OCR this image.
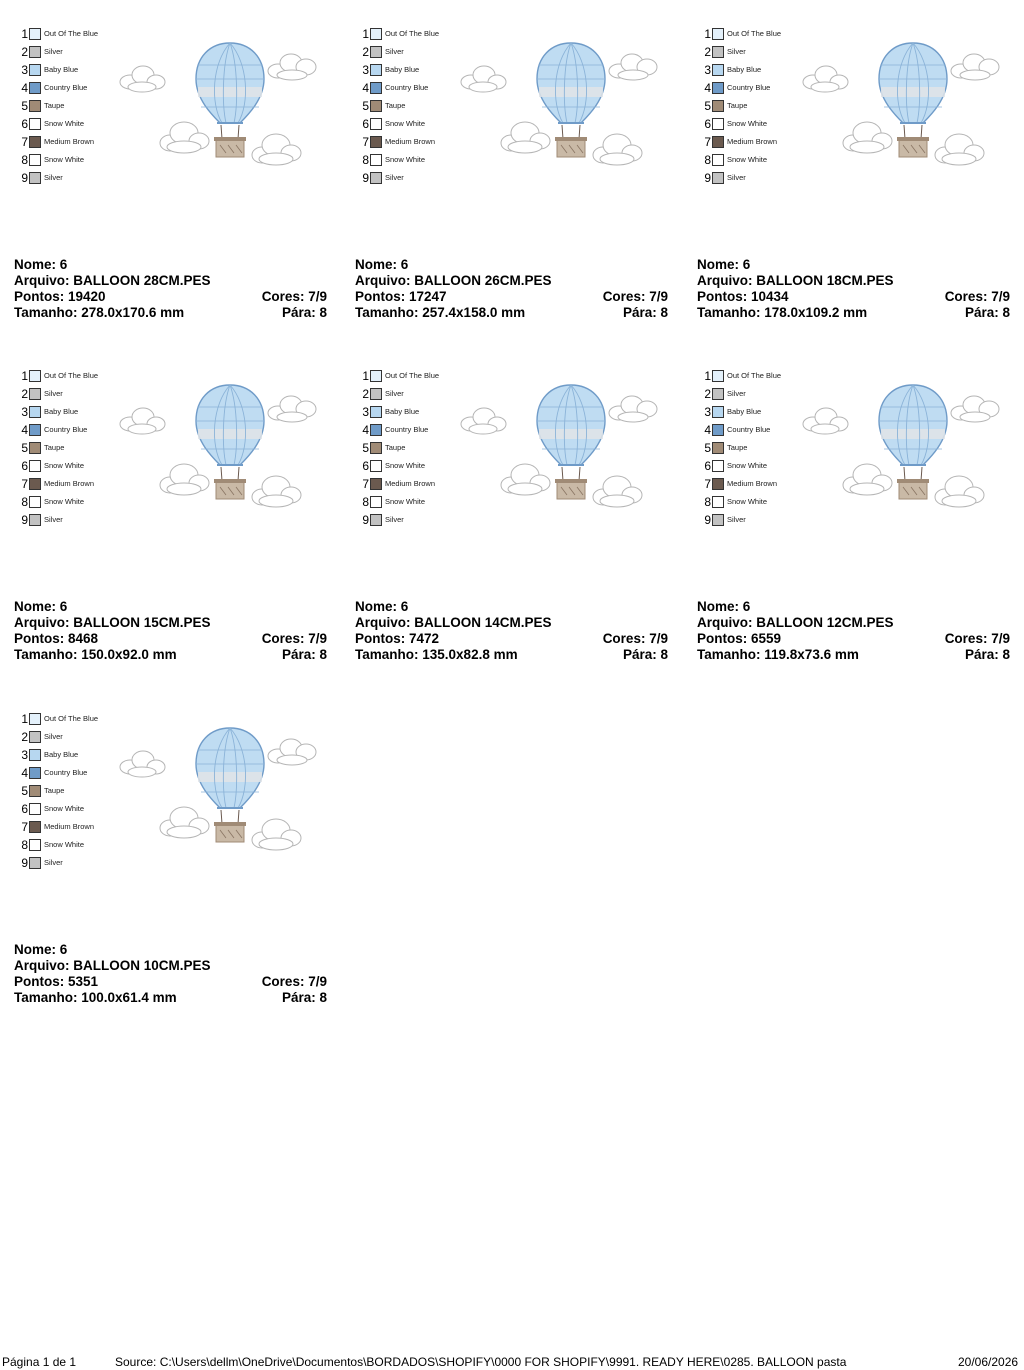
1 Out Of The Blue
2 Silver
3 Baby Blue
4 Country Blue
5 Taupe
6 Snow White
7 Medium Brown
8 Snow White
9 Silver
Nome: 6
Arquivo: BALLOON 28CM.PES
Pontos: 19420	Cores: 7/9
Tamanho: 278.0x170.6 mm	Pára: 8
1 Out Of The Blue
2 Silver
3 Baby Blue
4 Country Blue
5 Taupe
6 Snow White
7 Medium Brown
8 Snow White
9 Silver
Nome: 6
Arquivo: BALLOON 26CM.PES
Pontos: 17247	Cores: 7/9
Tamanho: 257.4x158.0 mm	Pára: 8
1 Out Of The Blue
2 Silver
3 Baby Blue
4 Country Blue
5 Taupe
6 Snow White
7 Medium Brown
8 Snow White
9 Silver
Nome: 6
Arquivo: BALLOON 18CM.PES
Pontos: 10434	Cores: 7/9
Tamanho: 178.0x109.2 mm	Pára: 8
1 Out Of The Blue
2 Silver
3 Baby Blue
4 Country Blue
5 Taupe
6 Snow White
7 Medium Brown
8 Snow White
9 Silver
Nome: 6
Arquivo: BALLOON 15CM.PES
Pontos: 8468	Cores: 7/9
Tamanho: 150.0x92.0 mm	Pára: 8
1 Out Of The Blue
2 Silver
3 Baby Blue
4 Country Blue
5 Taupe
6 Snow White
7 Medium Brown
8 Snow White
9 Silver
Nome: 6
Arquivo: BALLOON 14CM.PES
Pontos: 7472	Cores: 7/9
Tamanho: 135.0x82.8 mm	Pára: 8
1 Out Of The Blue
2 Silver
3 Baby Blue
4 Country Blue
5 Taupe
6 Snow White
7 Medium Brown
8 Snow White
9 Silver
Nome: 6
Arquivo: BALLOON 12CM.PES
Pontos: 6559	Cores: 7/9
Tamanho: 119.8x73.6 mm	Pára: 8
1 Out Of The Blue
2 Silver
3 Baby Blue
4 Country Blue
5 Taupe
6 Snow White
7 Medium Brown
8 Snow White
9 Silver
Nome: 6
Arquivo: BALLOON 10CM.PES
Pontos: 5351	Cores: 7/9
Tamanho: 100.0x61.4 mm	Pára: 8
Página 1 de 1	Source: C:\Users\dellm\OneDrive\Documentos\BORDADOS\SHOPIFY\0000 FOR SHOPIFY\9991. READY HERE\0285. BALLOON pasta	20/06/2026
